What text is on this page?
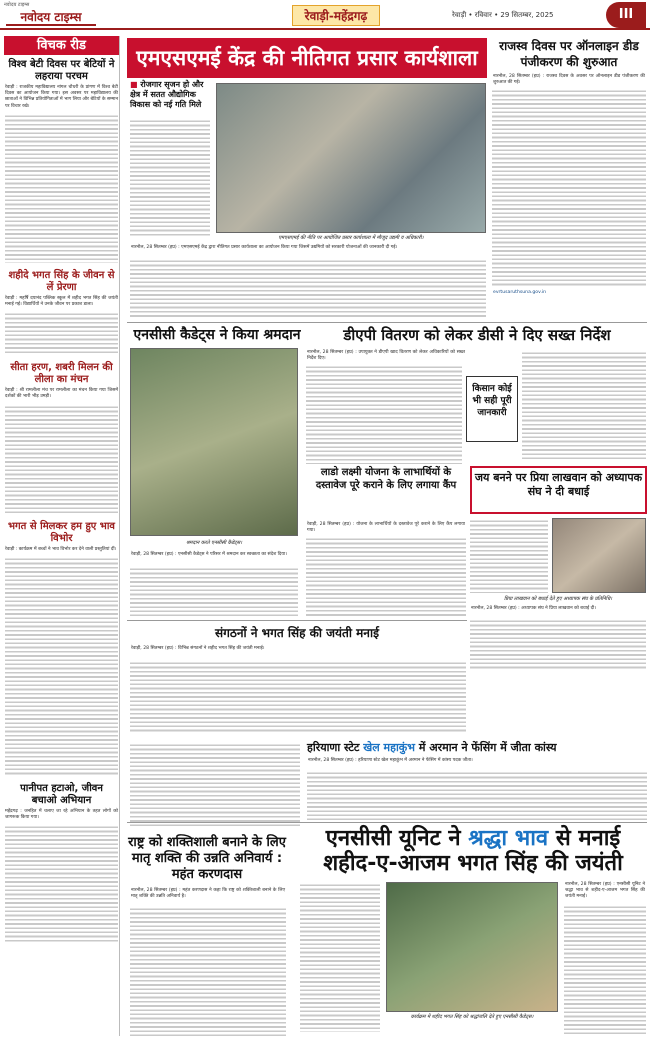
नवोदय टाइम्स
नवोदय टाइम्स	रेवाड़ी-महेंद्रगढ़	रेवाड़ी • रविवार • 29 सितम्बर, 2025	III
विचक रीड
विश्व बेटी दिवस पर बेटियों ने लहराया परचम
रेवाड़ी : राजकीय महाविद्यालय नांगल चौधरी के प्रांगण में विश्व बेटी दिवस का आयोजन किया गया। इस अवसर पर महाविद्यालय की छात्राओं ने विभिन्न प्रतियोगिताओं में भाग लिया और बेटियों के सम्मान पर विचार रखे।
शहीदे भगत सिंह के जीवन से लें प्रेरणा
रेवाड़ी : महर्षि दयानंद पब्लिक स्कूल में शहीद भगत सिंह की जयंती मनाई गई। विद्यार्थियों ने उनके जीवन पर प्रकाश डाला।
सीता हरण, शबरी मिलन की लीला का मंचन
रेवाड़ी : श्री रामलीला मंच पर रामलीला का मंचन किया गया जिसमें दर्शकों की भारी भीड़ उमड़ी।
भगत से मिलकर हम हुए भाव विभोर
रेवाड़ी : कार्यक्रम में बच्चों ने भाव विभोर कर देने वाली प्रस्तुतियां दीं।
पानीपत हटाओ, जीवन बचाओ अभियान
महेंद्रगढ़ : जनहित में चलाए जा रहे अभियान के तहत लोगों को जागरूक किया गया।
एमएसएमई केंद्र की नीतिगत प्रसार कार्यशाला
■ रोजगार सृजन हो और क्षेत्र में सतत औद्योगिक विकास को नई गति मिले
एमएसएमई की नीति पर आयोजित प्रसार कार्यशाला में मौजूद उद्यमी व अधिकारी।
नारनौल, 28 सितम्बर (हप्र) : एमएसएमई केंद्र द्वारा नीतिगत प्रसार कार्यशाला का आयोजन किया गया जिसमें उद्यमियों को सरकारी योजनाओं की जानकारी दी गई।
राजस्व दिवस पर ऑनलाइन डीड पंजीकरण की शुरुआत
नारनौल, 28 सितम्बर (हप्र) : राजस्व दिवस के अवसर पर ऑनलाइन डीड पंजीकरण की शुरुआत की गई।
evrtusaruthsuna.gov.in
एनसीसी कैडेट्स ने किया श्रमदान
श्रमदान करते एनसीसी कैडेट्स।
रेवाड़ी, 28 सितम्बर (हप्र) : एनसीसी कैडेट्स ने परिसर में श्रमदान कर स्वच्छता का संदेश दिया।
डीएपी वितरण को लेकर डीसी ने दिए सख्त निर्देश
नारनौल, 28 सितम्बर (हप्र) : उपायुक्त ने डीएपी खाद वितरण को लेकर अधिकारियों को सख्त निर्देश दिए।
किसान कोई भी सही पूरी जानकारी
लाडो लक्ष्मी योजना के लाभार्थियों के दस्तावेज पूरे कराने के लिए लगाया कैंप
रेवाड़ी, 28 सितम्बर (हप्र) : योजना के लाभार्थियों के दस्तावेज पूरे कराने के लिए कैंप लगाया गया।
जय बनने पर प्रिया लाखवान को अध्यापक संघ ने दी बधाई
प्रिया लाखवान को बधाई देते हुए अध्यापक संघ के प्रतिनिधि।
नारनौल, 28 सितम्बर (हप्र) : अध्यापक संघ ने प्रिया लाखवान को बधाई दी।
संगठनों ने भगत सिंह की जयंती मनाई
रेवाड़ी, 28 सितम्बर (हप्र) : विभिन्न संगठनों ने शहीद भगत सिंह की जयंती मनाई।
हरियाणा स्टेट खेल महाकुंभ में अरमान ने फेंसिंग में जीता कांस्य
नारनौल, 28 सितम्बर (हप्र) : हरियाणा स्टेट खेल महाकुंभ में अरमान ने फेंसिंग में कांस्य पदक जीता।
राष्ट्र को शक्तिशाली बनाने के लिए मातृ शक्ति की उन्नति अनिवार्य : महंत करणदास
नारनौल, 28 सितम्बर (हप्र) : महंत करणदास ने कहा कि राष्ट्र को शक्तिशाली बनाने के लिए मातृ शक्ति की उन्नति अनिवार्य है।
एनसीसी यूनिट ने श्रद्धा भाव से मनाई शहीद-ए-आजम भगत सिंह की जयंती
कार्यक्रम में शहीद भगत सिंह को श्रद्धांजलि देते हुए एनसीसी कैडेट्स।
नारनौल, 28 सितम्बर (हप्र) : एनसीसी यूनिट ने श्रद्धा भाव से शहीद-ए-आजम भगत सिंह की जयंती मनाई।
